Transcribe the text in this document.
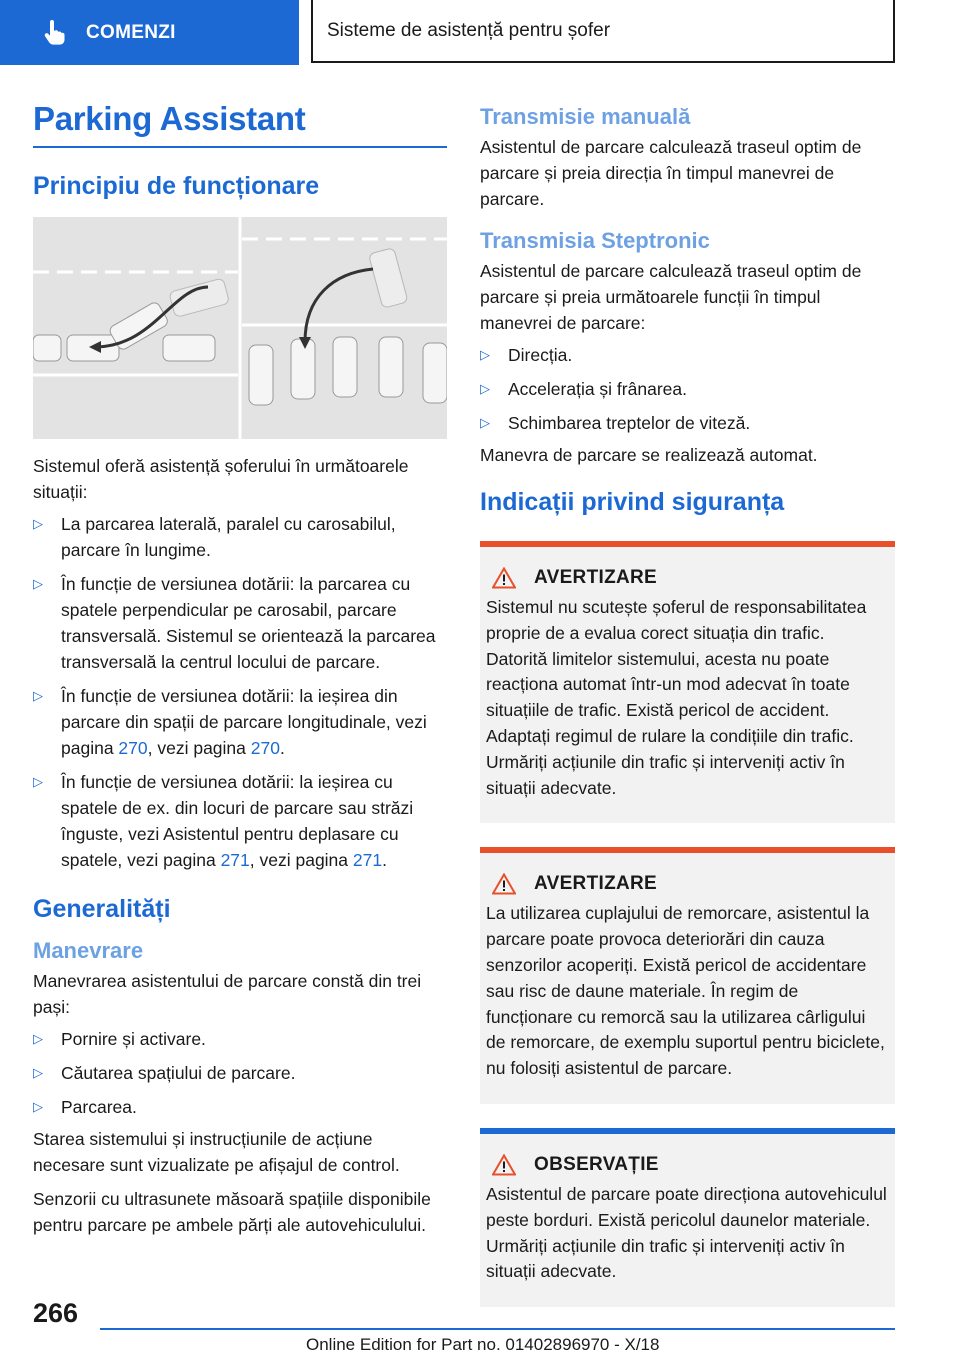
COMENZI	Sisteme de asistență pentru șofer
Parking Assistant
Principiu de funcționare

Sistemul oferă asistență șoferului în următoarele situații:

▷ La parcarea laterală, paralel cu carosabilul, parcare în lungime.
▷ În funcție de versiunea dotării: la parcarea cu spatele perpendicular pe carosabil, parcare transversală. Sistemul se orientează la parcarea transversală la centrul locului de parcare.
▷ În funcție de versiunea dotării: la ieșirea din parcare din spații de parcare longitudinale, vezi pagina 270, vezi pagina 270.
▷ În funcție de versiunea dotării: la ieșirea cu spatele de ex. din locuri de parcare sau străzi înguste, vezi Asistentul pentru deplasare cu spatele, vezi pagina 271, vezi pagina 271.
Generalități
Manevrare

Manevrarea asistentului de parcare constă din trei pași:

▷ Pornire și activare.
▷ Căutarea spațiului de parcare.
▷ Parcarea.

Starea sistemului și instrucțiunile de acțiune necesare sunt vizualizate pe afișajul de control.

Senzorii cu ultrasunete măsoară spațiile disponibile pentru parcare pe ambele părți ale autovehiculului.

Transmisie manuală

Asistentul de parcare calculează traseul optim de parcare și preia direcția în timpul manevrei de parcare.

Transmisia Steptronic

Asistentul de parcare calculează traseul optim de parcare și preia următoarele funcții în timpul manevrei de parcare:

▷ Direcția.
▷ Accelerația și frânarea.
▷ Schimbarea treptelor de viteză.

Manevra de parcare se realizează automat.

Indicații privind siguranța
AVERTIZARE

Sistemul nu scutește șoferul de responsabilitatea proprie de a evalua corect situația din trafic. Datorită limitelor sistemului, acesta nu poate reacționa automat într-un mod adecvat în toate situațiile de trafic. Există pericol de accident. Adaptați regimul de rulare la condițiile din trafic. Urmăriți acțiunile din trafic și interveniți activ în situații adecvate.

AVERTIZARE

La utilizarea cuplajului de remorcare, asistentul la parcare poate provoca deteriorări din cauza senzorilor acoperiți. Există pericol de accidentare sau risc de daune materiale. În regim de funcționare cu remorcă sau la utilizarea cârligului de remorcare, de exemplu suportul pentru biciclete, nu folosiți asistentul de parcare.

OBSERVAȚIE

Asistentul de parcare poate direcționa autovehiculul peste borduri. Există pericolul daunelor materiale. Urmăriți acțiunile din trafic și interveniți activ în situații adecvate.

266
Online Edition for Part no. 01402896970 - X/18
